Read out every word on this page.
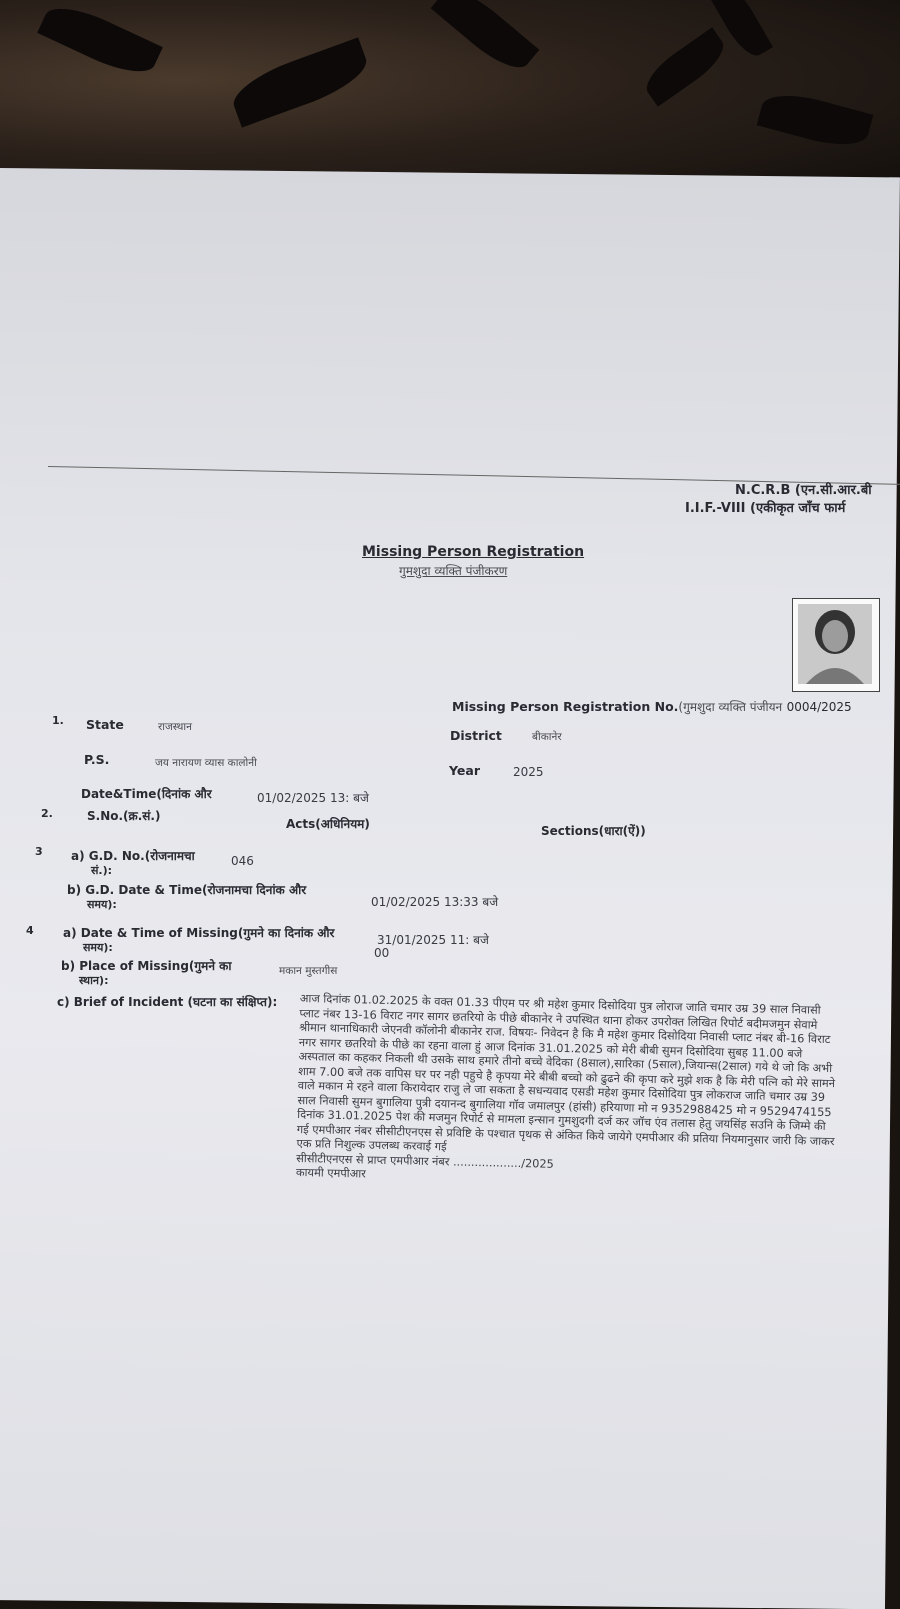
N.C.R.B (एन.सी.आर.बी
I.I.F.-VIII (एकीकृत जाँच फार्म
Missing Person Registration
गुमशुदा व्यक्ति पंजीकरण
Missing Person Registration No.(गुमशुदा व्यक्ति पंजीयन 0004/2025
1. State	राजस्थान
District	बीकानेर
P.S.	जय नारायण व्यास कालोनी	Year	2025
Date&Time(दिनांक और	01/02/2025 13: बजे
2.	S.No.(क्र.सं.)
Acts(अधिनियम)	Sections(धारा(ऐं))
3 a) G.D. No.(रोजनामचा
सं.):
046
b) G.D. Date & Time(रोजनामचा दिनांक और
समय):	01/02/2025 13:33 बजे
4 a) Date & Time of Missing(गुमने का दिनांक और
समय):
31/01/2025 11: बजे
00
b) Place of Missing(गुमने का
स्थान):
मकान मुस्तगीस
c) Brief of Incident (घटना का संक्षिप्त): आज दिनांक 01.02.2025 के वक्त 01.33 पीएम पर श्री महेश कुमार दिसोदिया पुत्र लोराज जाति चमार उम्र 39 साल निवासी प्लाट नंबर 13-16 विराट नगर सागर छतरियो के पीछे बीकानेर ने उपस्थित थाना होकर उपरोक्त लिखित रिपोर्ट बदीमजमुन सेवामे श्रीमान थानाधिकारी जेएनवी कॉलोनी बीकानेर राज. विषयः- निवेदन है कि मै महेश कुमार दिसोदिया निवासी प्लाट नंबर बी-16 विराट नगर सागर छतरियो के पीछे का रहना वाला हुं आज दिनांक 31.01.2025 को मेरी बीबी सुमन दिसोदिया सुबह 11.00 बजे अस्पताल का कहकर निकली थी उसके साथ हमारे तीनो बच्चे वेदिका (8साल),सारिका (5साल),जियान्स(2साल) गये थे जो कि अभी शाम 7.00 बजे तक वापिस घर पर नही पहुचे है कृपया मेरे बीबी बच्चो को ढुढने की कृपा करे मुझे शक है कि मेरी पत्नि को मेरे सामने वाले मकान मे रहने वाला किरायेदार राजु ले जा सकता है सधन्यवाद एसडी महेश कुमार दिसोदिया पुत्र लोकराज जाति चमार उम्र 39 साल निवासी सुमन बुगालिया पुत्री दयानन्द बुगालिया गॉव जमालपुर (हांसी) हरियाणा मो न 9352988425 मो न 9529474155 दिनांक 31.01.2025 पेश की मजमुन रिपोर्ट से मामला इन्सान गुमशुदगी दर्ज कर जॉच एंव तलास हेतु जयसिंह सउनि के जिम्मे की गई एमपीआर नंबर सीसीटीएनएस से प्रविष्टि के पश्चात पृथक से अंकित किये जायेगे एमपीआर की प्रतिया नियमानुसार जारी कि जाकर एक प्रति निशुल्क उपलब्ध करवाई गई

सीसीटीएनएस से प्राप्त एमपीआर नंबर .................../2025

कायमी एमपीआर
